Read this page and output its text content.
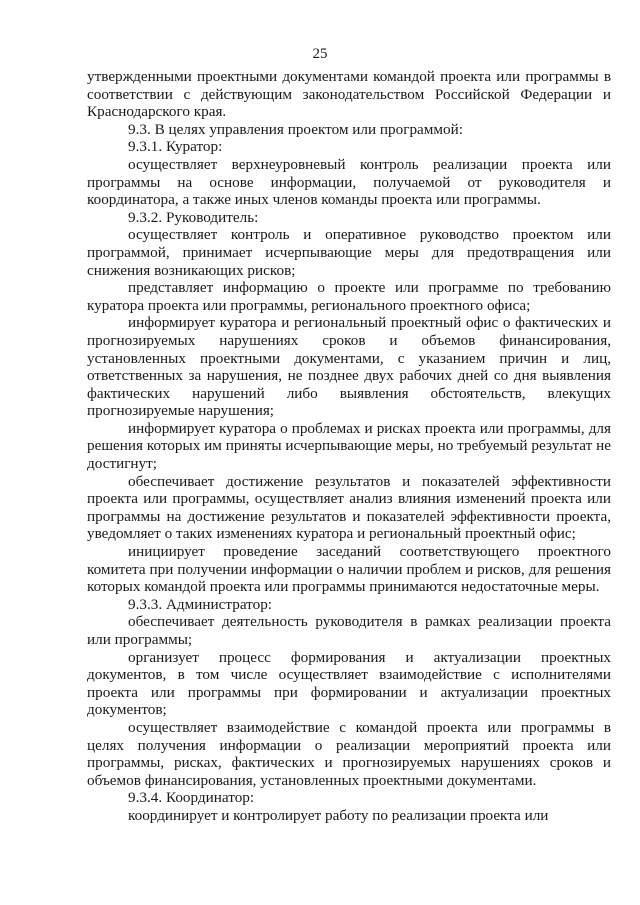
25

утвержденными проектными документами командой проекта или программы в соответствии с действующим законодательством Российской Федерации и Краснодарского края.

9.3. В целях управления проектом или программой:

9.3.1. Куратор:

осуществляет верхнеуровневый контроль реализации проекта или программы на основе информации, получаемой от руководителя и координатора, а также иных членов команды проекта или программы.

9.3.2. Руководитель:

осуществляет контроль и оперативное руководство проектом или программой, принимает исчерпывающие меры для предотвращения или снижения возникающих рисков;

представляет информацию о проекте или программе по требованию куратора проекта или программы, регионального проектного офиса;

информирует куратора и региональный проектный офис о фактических и прогнозируемых нарушениях сроков и объемов финансирования, установленных проектными документами, с указанием причин и лиц, ответственных за нарушения, не позднее двух рабочих дней со дня выявления фактических нарушений либо выявления обстоятельств, влекущих прогнозируемые нарушения;

информирует куратора о проблемах и рисках проекта или программы, для решения которых им приняты исчерпывающие меры, но требуемый результат не достигнут;

обеспечивает достижение результатов и показателей эффективности проекта или программы, осуществляет анализ влияния изменений проекта или программы на достижение результатов и показателей эффективности проекта, уведомляет о таких изменениях куратора и региональный проектный офис;

инициирует проведение заседаний соответствующего проектного комитета при получении информации о наличии проблем и рисков, для решения которых командой проекта или программы принимаются недостаточные меры.

9.3.3. Администратор:

обеспечивает деятельность руководителя в рамках реализации проекта или программы;

организует процесс формирования и актуализации проектных документов, в том числе осуществляет взаимодействие с исполнителями проекта или программы при формировании и актуализации проектных документов;

осуществляет взаимодействие с командой проекта или программы в целях получения информации о реализации мероприятий проекта или программы, рисках, фактических и прогнозируемых нарушениях сроков и объемов финансирования, установленных проектными документами.

9.3.4. Координатор:

координирует и контролирует работу по реализации проекта или
